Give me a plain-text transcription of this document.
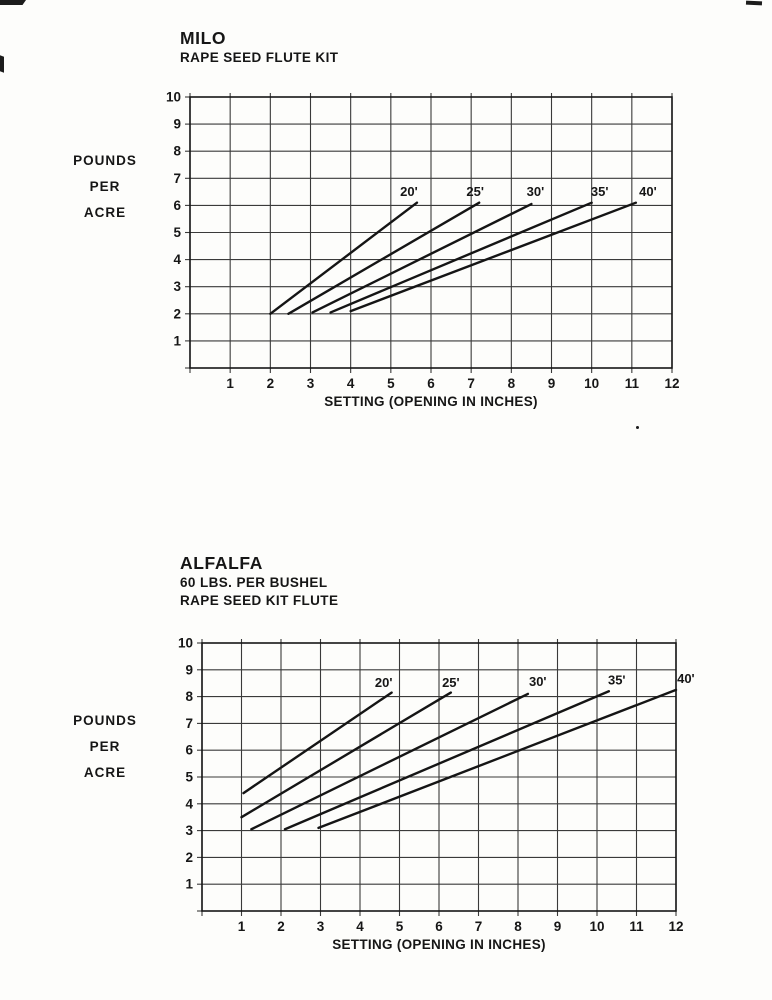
MILO
RAPE SEED FLUTE KIT
POUNDS
PER
ACRE
1
2
3
4
5
6
7
8
9
10
1 2 3 4 5 6 7 8 9 10 11 12
20'	25'	30'	35' 40'
SETTING (OPENING IN INCHES)
ALFALFA
60 LBS. PER BUSHEL
RAPE SEED KIT FLUTE
POUNDS
PER
ACRE
1
2
3
4
5
6
7
8
9
10
1 2 3 4 5 6 7 8 9 10 11 12
20'	25'	30'	35'	40'
SETTING (OPENING IN INCHES)
